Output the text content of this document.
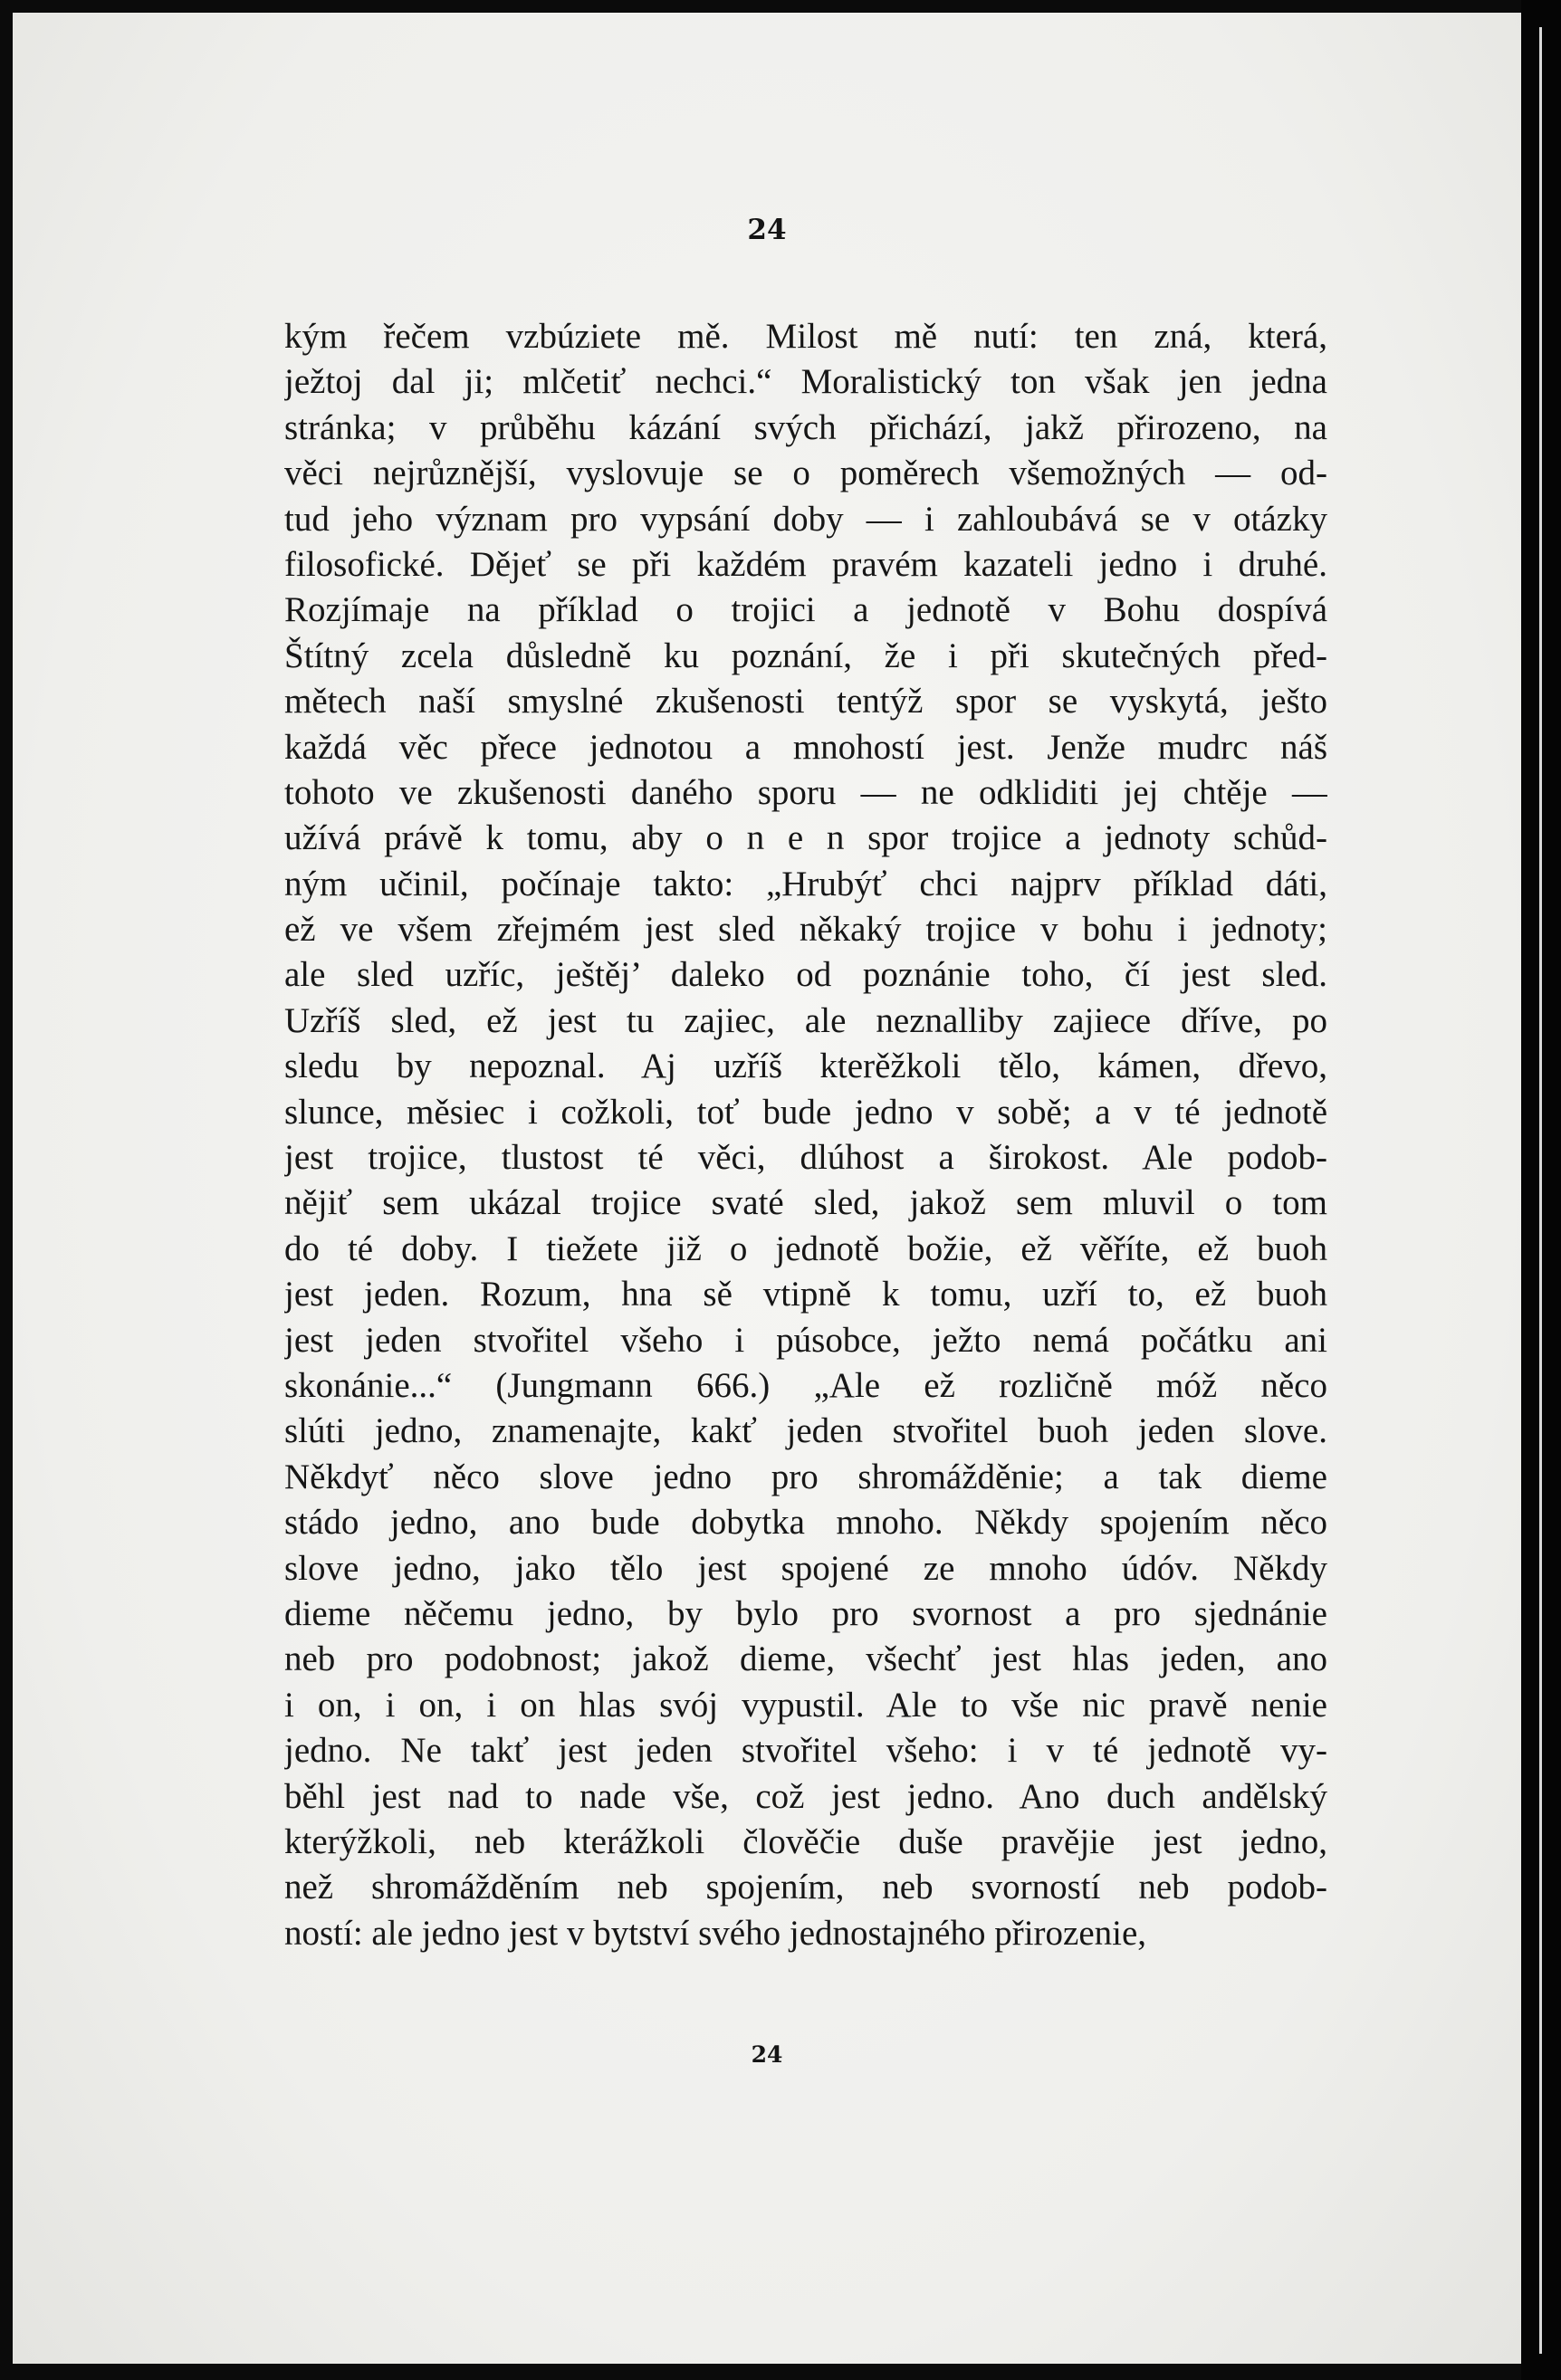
24
kým řečem vzbúziete mě. Milost mě nutí: ten zná, která,
ježtoj dal ji; mlčetiť nechci.“ Moralistický ton však jen jedna
stránka; v průběhu kázání svých přichází, jakž přirozeno, na
věci nejrůznější, vyslovuje se o poměrech všemožných — od-
tud jeho význam pro vypsání doby — i zahloubává se v otázky
filosofické. Dějeť se při každém pravém kazateli jedno i druhé.
Rozjímaje na příklad o trojici a jednotě v Bohu dospívá
Štítný zcela důsledně ku poznání, že i při skutečných před-
mětech naší smyslné zkušenosti tentýž spor se vyskytá, ješto
každá věc přece jednotou a mnohostí jest. Jenže mudrc náš
tohoto ve zkušenosti daného sporu — ne odkliditi jej chtěje —
užívá právě k tomu, aby o n e n spor trojice a jednoty schůd-
ným učinil, počínaje takto: „Hrubýť chci najprv příklad dáti,
ež ve všem zřejmém jest sled někaký trojice v bohu i jednoty;
ale sled uzříc, ještěj’ daleko od poznánie toho, čí jest sled.
Uzříš sled, ež jest tu zajiec, ale neznalliby zajiece dříve, po
sledu by nepoznal. Aj uzříš kterěžkoli tělo, kámen, dřevo,
slunce, měsiec i cožkoli, toť bude jedno v sobě; a v té jednotě
jest trojice, tlustost té věci, dlúhost a širokost. Ale podob-
nějiť sem ukázal trojice svaté sled, jakož sem mluvil o tom
do té doby. I tiežete již o jednotě božie, ež věříte, ež buoh
jest jeden. Rozum, hna sě vtipně k tomu, uzří to, ež buoh
jest jeden stvořitel všeho i púsobce, ježto nemá počátku ani
skonánie...“ (Jungmann 666.) „Ale ež rozličně móž něco
slúti jedno, znamenajte, kakť jeden stvořitel buoh jeden slove.
Někdyť něco slove jedno pro shromážděnie; a tak dieme
stádo jedno, ano bude dobytka mnoho. Někdy spojením něco
slove jedno, jako tělo jest spojené ze mnoho údóv. Někdy
dieme něčemu jedno, by bylo pro svornost a pro sjednánie
neb pro podobnost; jakož dieme, všechť jest hlas jeden, ano
i on, i on, i on hlas svój vypustil. Ale to vše nic pravě nenie
jedno. Ne takť jest jeden stvořitel všeho: i v té jednotě vy-
běhl jest nad to nade vše, což jest jedno. Ano duch andělský
kterýžkoli, neb kterážkoli člověčie duše pravějie jest jedno,
než shromážděním neb spojením, neb svorností neb podob-
ností: ale jedno jest v bytství svého jednostajného přirozenie,
24
